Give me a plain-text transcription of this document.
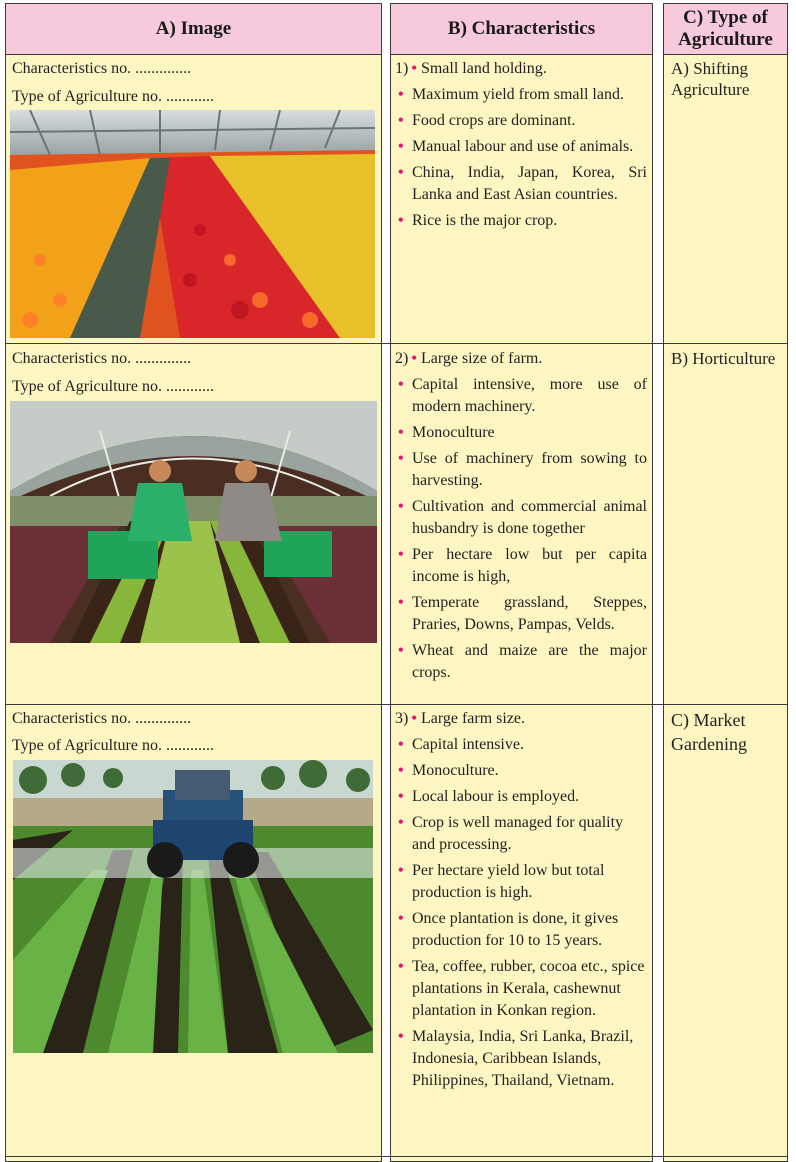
A) Image	B) Characteristics
C) Type of
Agriculture
Characteristics no. ..............
Type of Agriculture no. ............
1) • Small land holding.
• Maximum yield from small land.
• Food crops are dominant.
• Manual labour and use of animals.
• China, India, Japan, Korea, Sri Lanka and East Asian countries.
• Rice is the major crop.
A) Shifting
Agriculture
Characteristics no. ..............
Type of Agriculture no. ............
2) • Large size of farm.
• Capital intensive, more use of modern machinery.
• Monoculture
• Use of machinery from sowing to harvesting.
• Cultivation and commercial animal husbandry is done together
• Per hectare low but per capita income is high,
• Temperate grassland, Steppes, Praries, Downs, Pampas, Velds.
• Wheat and maize are the major crops.
B) Horticulture
Characteristics no. ..............
Type of Agriculture no. ............
3) • Large farm size.
• Capital intensive.
• Monoculture.
• Local labour is employed.
• Crop is well managed for quality and processing.
• Per hectare yield low but total production is high.
• Once plantation is done, it gives production for 10 to 15 years.
• Tea, coffee, rubber, cocoa etc., spice plantations in Kerala, cashewnut plantation in Konkan region.
• Malaysia, India, Sri Lanka, Brazil, Indonesia, Caribbean Islands, Philippines, Thailand, Vietnam.
C) Market
Gardening
